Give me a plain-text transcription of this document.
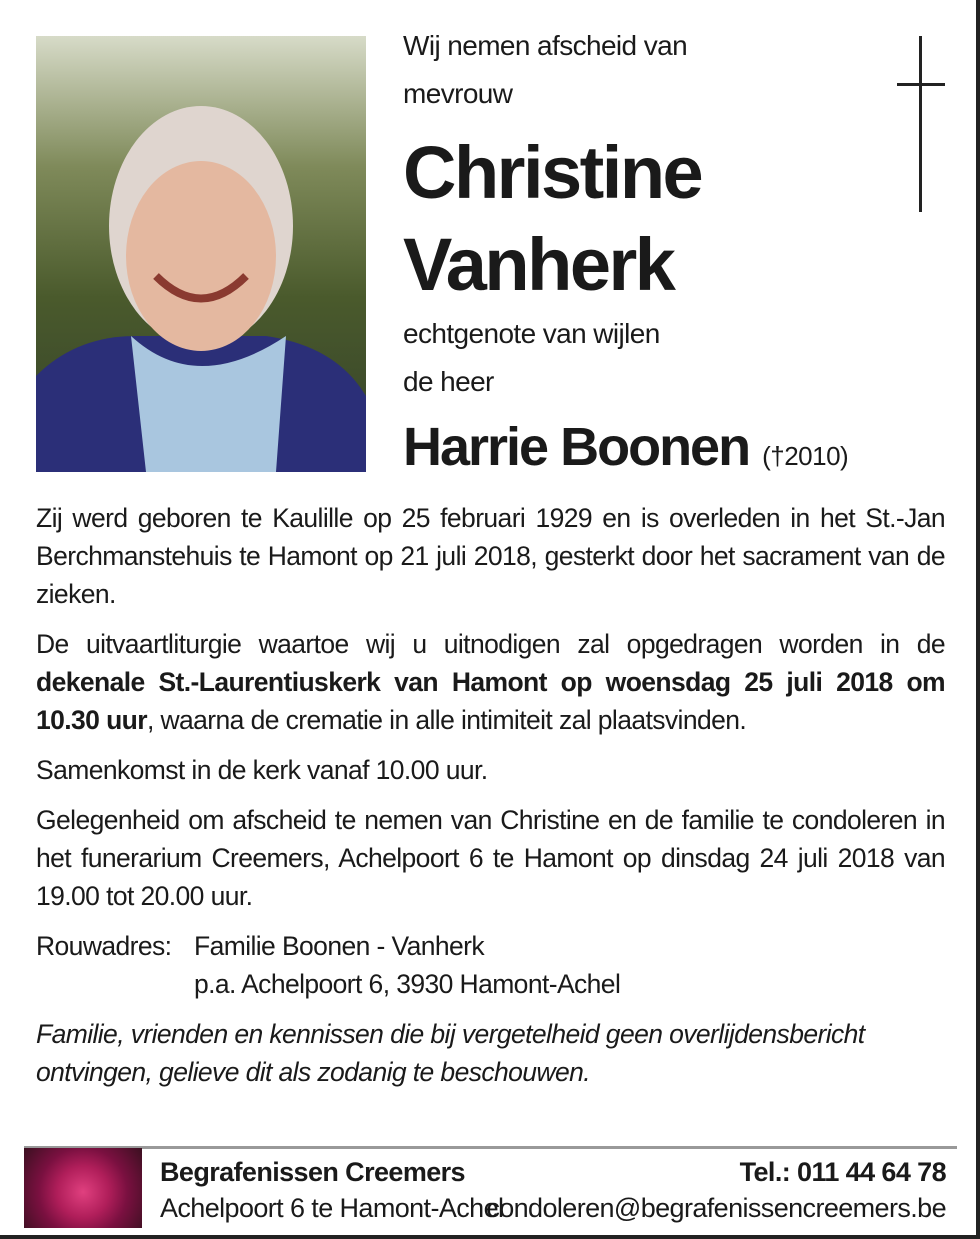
Wij nemen afscheid van
mevrouw
Christine
Vanherk
echtgenote van wijlen
de heer
Harrie Boonen (†2010)

Zij werd geboren te Kaulille op 25 februari 1929 en is overleden in het St.-Jan Berchmanstehuis te Hamont op 21 juli 2018, gesterkt door het sacrament van de zieken.

De uitvaartliturgie waartoe wij u uitnodigen zal opgedragen worden in de dekenale St.-Laurentiuskerk van Hamont op woensdag 25 juli 2018 om 10.30 uur, waarna de crematie in alle intimiteit zal plaatsvinden.

Samenkomst in de kerk vanaf 10.00 uur.

Gelegenheid om afscheid te nemen van Christine en de familie te condoleren in het funerarium Creemers, Achelpoort 6 te Hamont op dinsdag 24 juli 2018 van 19.00 tot 20.00 uur.

Rouwadres: Familie Boonen - Vanherk
p.a. Achelpoort 6, 3930 Hamont-Achel

Familie, vrienden en kennissen die bij vergetelheid geen overlijdensbericht ontvingen, gelieve dit als zodanig te beschouwen.

Begrafenissen Creemers
Achelpoort 6 te Hamont-Achel
Tel.: 011 44 64 78
condoleren@begrafenissencreemers.be
